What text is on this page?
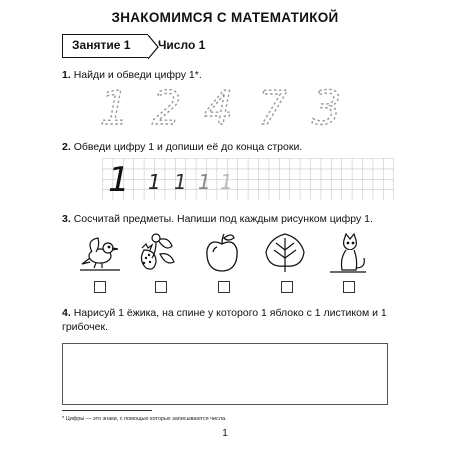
ЗНАКОМИМСЯ С МАТЕМАТИКОЙ
Занятие 1 Число 1
1. Найди и обведи цифру 1*.
1 2 4 7 3
2. Обведи цифру 1 и допиши её до конца строки.
1 1 1 1 1
3. Сосчитай предметы. Напиши под каждым рисунком цифру 1.
4. Нарисуй 1 ёжика, на спине у которого 1 яблоко с 1 листиком и 1 грибочек.
* Цифры — это знаки, с помощью которых записываются числа.
1
